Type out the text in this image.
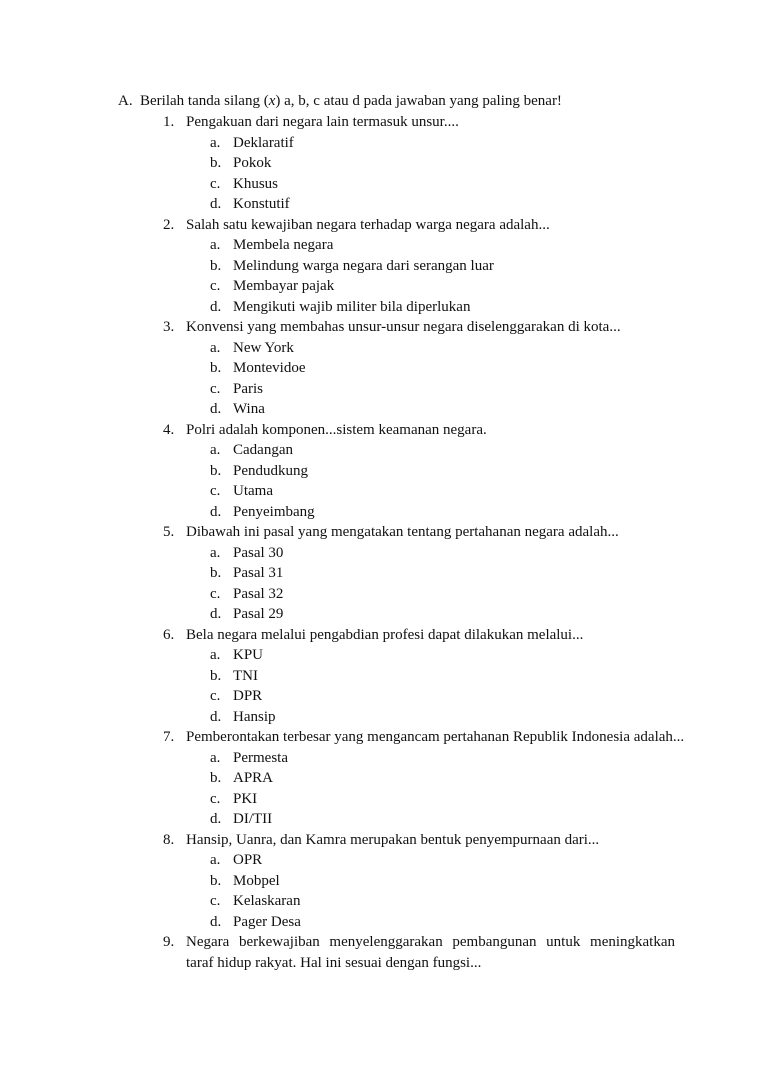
A. Berilah tanda silang (x) a, b, c atau d pada jawaban yang paling benar!
1. Pengakuan dari negara lain termasuk unsur....
a. Deklaratif
b. Pokok
c. Khusus
d. Konstutif
2. Salah satu kewajiban negara terhadap warga negara adalah...
a. Membela negara
b. Melindung warga negara dari serangan luar
c. Membayar pajak
d. Mengikuti wajib militer bila diperlukan
3. Konvensi yang membahas unsur-unsur negara diselenggarakan di kota...
a. New York
b. Montevidoe
c. Paris
d. Wina
4. Polri adalah komponen...sistem keamanan negara.
a. Cadangan
b. Pendudkung
c. Utama
d. Penyeimbang
5. Dibawah ini pasal yang mengatakan tentang pertahanan negara adalah...
a. Pasal 30
b. Pasal 31
c. Pasal 32
d. Pasal 29
6. Bela negara melalui pengabdian profesi dapat dilakukan melalui...
a. KPU
b. TNI
c. DPR
d. Hansip
7. Pemberontakan terbesar yang mengancam pertahanan Republik Indonesia adalah...
a. Permesta
b. APRA
c. PKI
d. DI/TII
8. Hansip, Uanra, dan Kamra merupakan bentuk penyempurnaan dari...
a. OPR
b. Mobpel
c. Kelaskaran
d. Pager Desa
9. Negara berkewajiban menyelenggarakan pembangunan untuk meningkatkan taraf hidup rakyat. Hal ini sesuai dengan fungsi...
